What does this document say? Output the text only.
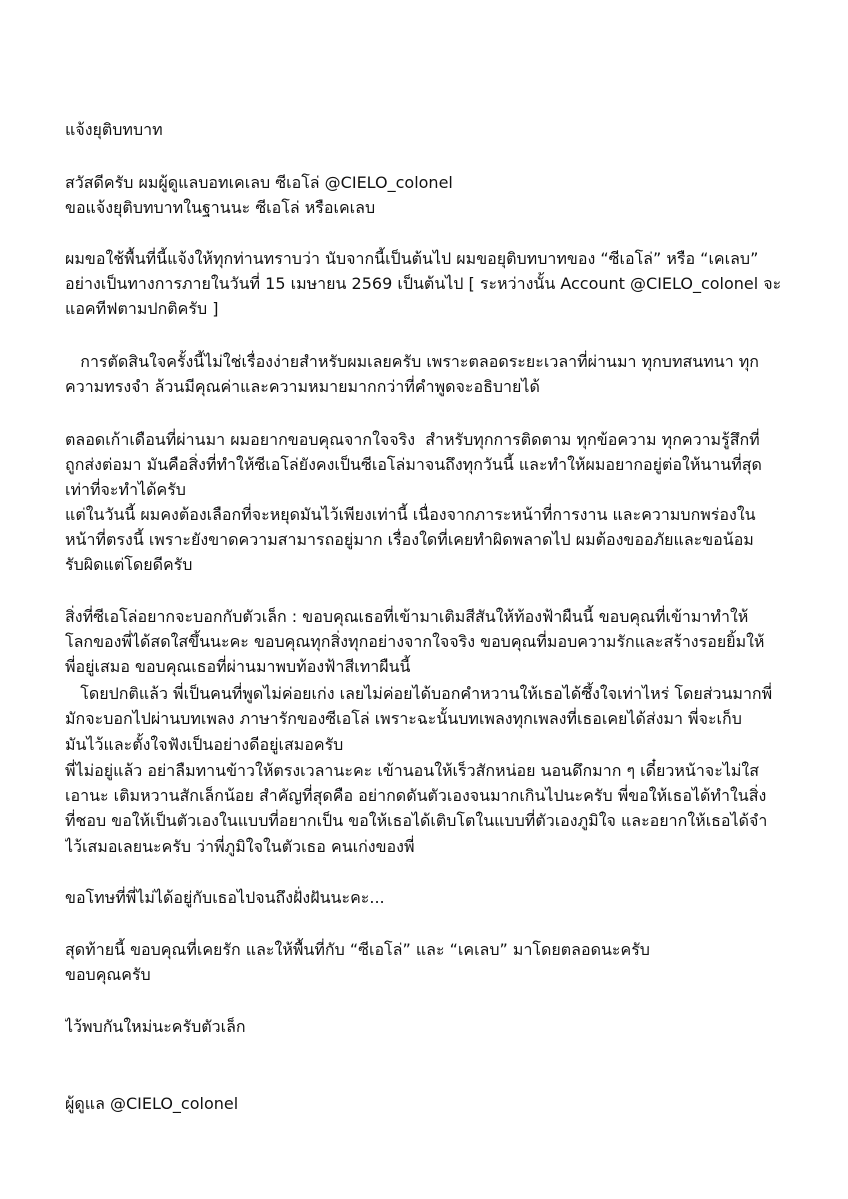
แจ้งยุติบทบาท
สวัสดีครับ ผมผู้ดูแลบอทเคเลบ ซีเอโล่ @CIELO_colonel
ขอแจ้งยุติบทบาทในฐานนะ ซีเอโล่ หรือเคเลบ
ผมขอใช้พื้นที่นี้แจ้งให้ทุกท่านทราบว่า นับจากนี้เป็นต้นไป ผมขอยุติบทบาทของ “ซีเอโล่” หรือ “เคเลบ”
อย่างเป็นทางการภายในวันที่ 15 เมษายน 2569 เป็นต้นไป [ ระหว่างนั้น Account @CIELO_colonel จะ
แอคทีฟตามปกติครับ ]
การตัดสินใจครั้งนี้ไม่ใช่เรื่องง่ายสำหรับผมเลยครับ เพราะตลอดระยะเวลาที่ผ่านมา ทุกบทสนทนา ทุก
ความทรงจำ ล้วนมีคุณค่าและความหมายมากกว่าที่คำพูดจะอธิบายได้
ตลอดเก้าเดือนที่ผ่านมา ผมอยากขอบคุณจากใจจริง  สำหรับทุกการติดตาม ทุกข้อความ ทุกความรู้สึกที่
ถูกส่งต่อมา มันคือสิ่งที่ทำให้ซีเอโล่ยังคงเป็นซีเอโล่มาจนถึงทุกวันนี้ และทำให้ผมอยากอยู่ต่อให้นานที่สุด
เท่าที่จะทำได้ครับ
แต่ในวันนี้ ผมคงต้องเลือกที่จะหยุดมันไว้เพียงเท่านี้ เนื่องจากภาระหน้าที่การงาน และความบกพร่องใน
หน้าที่ตรงนี้ เพราะยังขาดความสามารถอยู่มาก เรื่องใดที่เคยทำผิดพลาดไป ผมต้องขออภัยและขอน้อม
รับผิดแต่โดยดีครับ
สิ่งที่ซีเอโล่อยากจะบอกกับตัวเล็ก : ขอบคุณเธอที่เข้ามาเติมสีสันให้ท้องฟ้าผืนนี้ ขอบคุณที่เข้ามาทำให้
โลกของพี่ได้สดใสขึ้นนะคะ ขอบคุณทุกสิ่งทุกอย่างจากใจจริง ขอบคุณที่มอบความรักและสร้างรอยยิ้มให้
พี่อยู่เสมอ ขอบคุณเธอที่ผ่านมาพบท้องฟ้าสีเทาผืนนี้
โดยปกติแล้ว พี่เป็นคนที่พูดไม่ค่อยเก่ง เลยไม่ค่อยได้บอกคำหวานให้เธอได้ซึ้งใจเท่าไหร่ โดยส่วนมากพี่
มักจะบอกไปผ่านบทเพลง ภาษารักของซีเอโล่ เพราะฉะนั้นบทเพลงทุกเพลงที่เธอเคยได้ส่งมา พี่จะเก็บ
มันไว้และตั้งใจฟังเป็นอย่างดีอยู่เสมอครับ
พี่ไม่อยู่แล้ว อย่าลืมทานข้าวให้ตรงเวลานะคะ เข้านอนให้เร็วสักหน่อย นอนดึกมาก ๆ เดี๋ยวหน้าจะไม่ใส
เอานะ เติมหวานสักเล็กน้อย สำคัญที่สุดคือ อย่ากดดันตัวเองจนมากเกินไปนะครับ พี่ขอให้เธอได้ทำในสิ่ง
ที่ชอบ ขอให้เป็นตัวเองในแบบที่อยากเป็น ขอให้เธอได้เติบโตในแบบที่ตัวเองภูมิใจ และอยากให้เธอได้จำ
ไว้เสมอเลยนะครับ ว่าพี่ภูมิใจในตัวเธอ คนเก่งของพี่
ขอโทษที่พี่ไม่ได้อยู่กับเธอไปจนถึงฝั่งฝันนะคะ...
สุดท้ายนี้ ขอบคุณที่เคยรัก และให้พื้นที่กับ “ซีเอโล่” และ “เคเลบ” มาโดยตลอดนะครับ
ขอบคุณครับ
ไว้พบกันใหม่นะครับตัวเล็ก
ผู้ดูแล @CIELO_colonel
